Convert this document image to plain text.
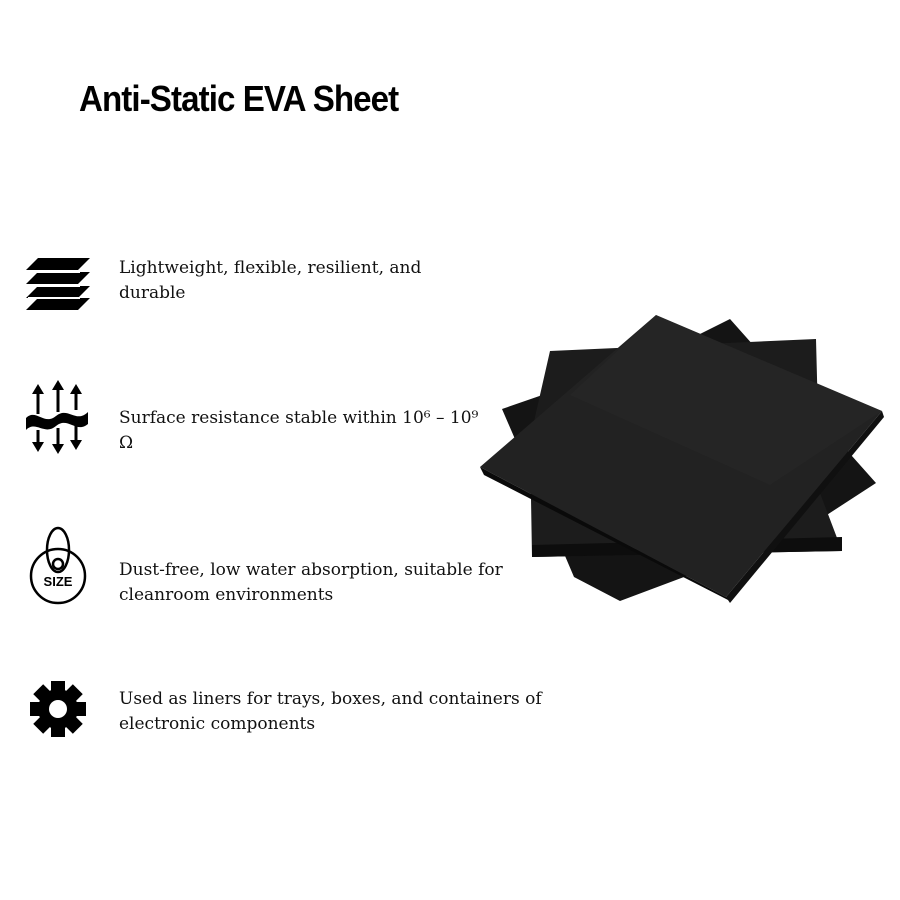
Anti-Static EVA Sheet

Lightweight, flexible, resilient, and durable

Surface resistance stable within 10⁶ – 10⁹ Ω

SIZE

Dust-free, low water absorption, suitable for cleanroom environments

Used as liners for trays, boxes, and containers of electronic components
